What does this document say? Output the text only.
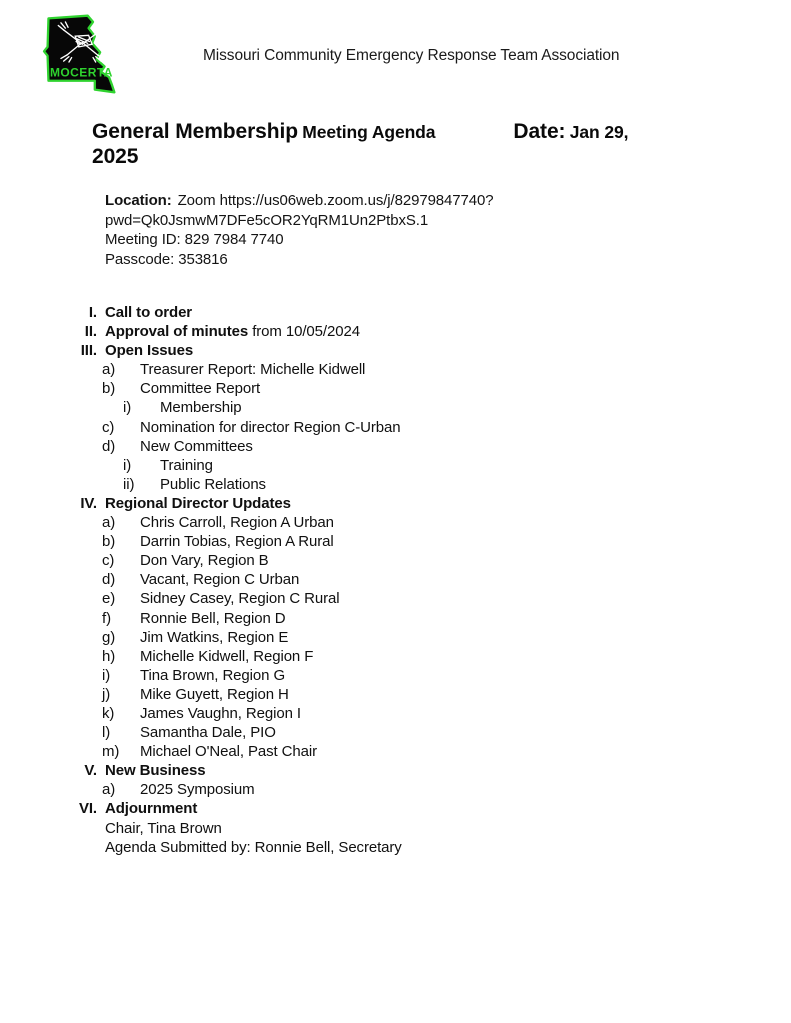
MOCERTA
Missouri Community Emergency Response Team Association
General Membership Meeting Agenda	Date: Jan 29,
2025
Location: Zoom https://us06web.zoom.us/j/82979847740?
pwd=Qk0JsmwM7DFe5cOR2YqRM1Un2PtbxS.1
Meeting ID: 829 7984 7740
Passcode: 353816
I. Call to order
II. Approval of minutes from 10/05/2024
III. Open Issues
a) Treasurer Report: Michelle Kidwell
b) Committee Report
i) Membership
c) Nomination for director Region C-Urban
d) New Committees
i) Training
ii) Public Relations
IV. Regional Director Updates
a) Chris Carroll, Region A Urban
b) Darrin Tobias, Region A Rural
c) Don Vary, Region B
d) Vacant, Region C Urban
e) Sidney Casey, Region C Rural
f) Ronnie Bell, Region D
g) Jim Watkins, Region E
h) Michelle Kidwell, Region F
i) Tina Brown, Region G
j) Mike Guyett, Region H
k) James Vaughn, Region I
l) Samantha Dale, PIO
m) Michael O'Neal, Past Chair
V. New Business
a) 2025 Symposium
VI. Adjournment
Chair, Tina Brown
Agenda Submitted by: Ronnie Bell, Secretary
